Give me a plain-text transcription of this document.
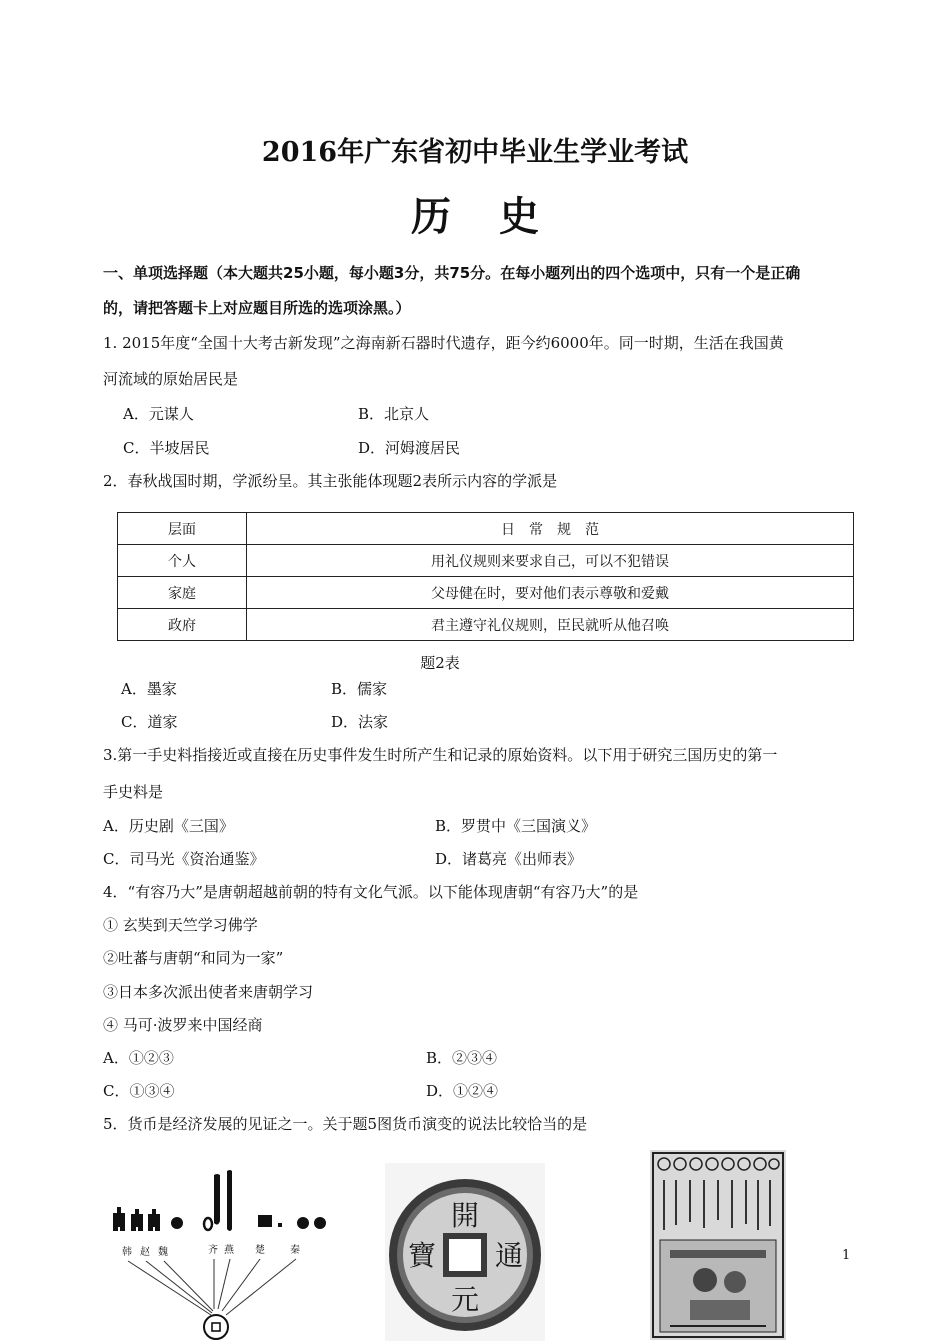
2016年广东省初中毕业生学业考试
历史
一、单项选择题（本大题共25小题，每小题3分，共75分。在每小题列出的四个选项中，只有一个是正确
的，请把答题卡上对应题目所选的选项涂黑。）
1. 2015年度“全国十大考古新发现”之海南新石器时代遗存，距今约6000年。同一时期，生活在我国黄
河流域的原始居民是
A．元谋人	B．北京人
C．半坡居民	D．河姆渡居民
2．春秋战国时期，学派纷呈。其主张能体现题2表所示内容的学派是
层面	日　常　规　范
个人	用礼仪规则来要求自己，可以不犯错误
家庭	父母健在时，要对他们表示尊敬和爱戴
政府	君主遵守礼仪规则，臣民就听从他召唤
题2表
A．墨家	B．儒家
C．道家	D．法家
3.第一手史料指接近或直接在历史事件发生时所产生和记录的原始资料。以下用于研究三国历史的第一
手史料是
A．历史剧《三国》	B．罗贯中《三国演义》
C．司马光《资治通鉴》	D．诸葛亮《出师表》
4．“有容乃大”是唐朝超越前朝的特有文化气派。以下能体现唐朝“有容乃大”的是
① 玄奘到天竺学习佛学
②吐蕃与唐朝“和同为一家”
③日本多次派出使者来唐朝学习
④ 马可·波罗来中国经商
A．①②③	B．②③④
C．①③④	D．①②④
5．货币是经济发展的见证之一。关于题5图货币演变的说法比较恰当的是
韩 赵 魏	齐 燕 楚	秦
開
通
元
寶	1
